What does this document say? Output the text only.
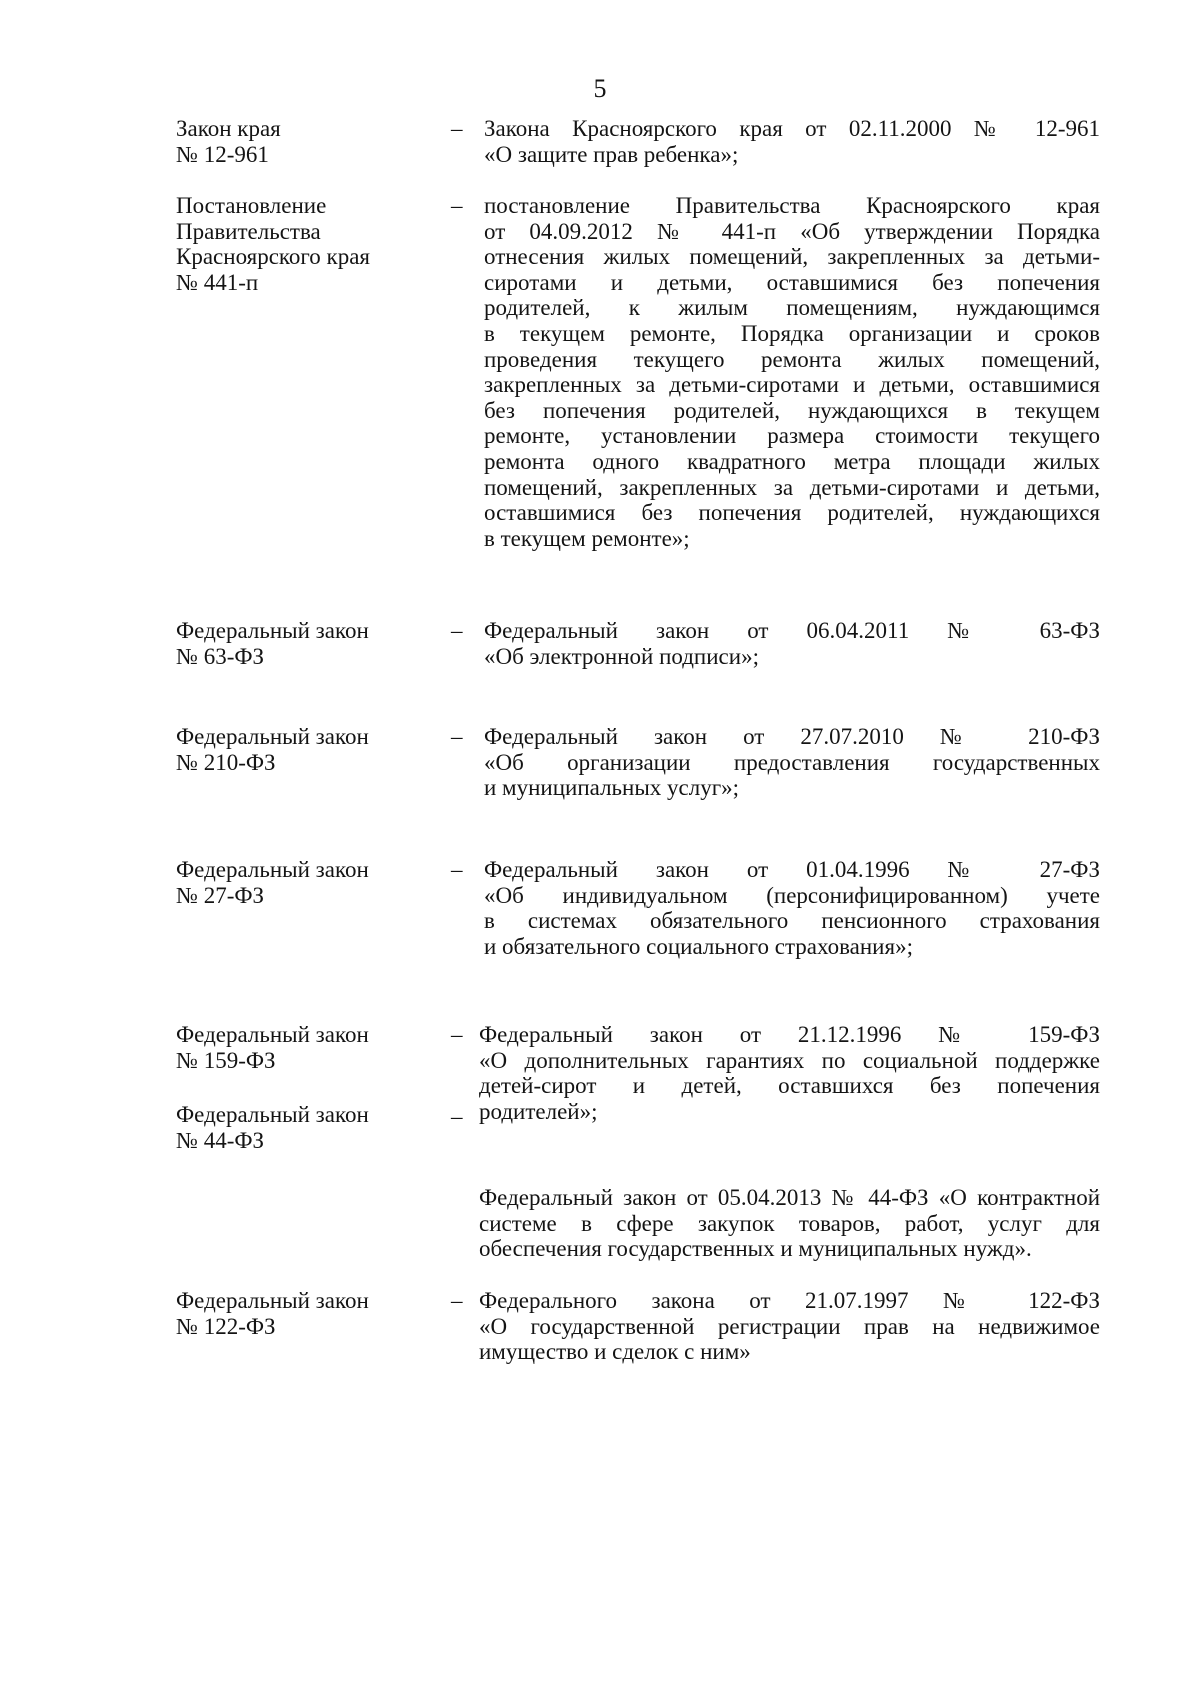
5
Закон края
№ 12-961
– Закона Красноярского края от 02.11.2000 № 12-961
«О защите прав ребенка»;
Постановление
Правительства
Красноярского края
№ 441-п
– постановление Правительства Красноярского края
от 04.09.2012 № 441-п «Об утверждении Порядка
отнесения жилых помещений, закрепленных за детьми-
сиротами и детьми, оставшимися без попечения
родителей, к жилым помещениям, нуждающимся
в текущем ремонте, Порядка организации и сроков
проведения текущего ремонта жилых помещений,
закрепленных за детьми-сиротами и детьми, оставшимися
без попечения родителей, нуждающихся в текущем
ремонте, установлении размера стоимости текущего
ремонта одного квадратного метра площади жилых
помещений, закрепленных за детьми-сиротами и детьми,
оставшимися без попечения родителей, нуждающихся
в текущем ремонте»;
Федеральный закон
№ 63-ФЗ
– Федеральный закон от 06.04.2011 № 63-ФЗ
«Об электронной подписи»;
Федеральный закон
№ 210-ФЗ
– Федеральный закон от 27.07.2010 № 210-ФЗ
«Об организации предоставления государственных
и муниципальных услуг»;
Федеральный закон
№ 27-ФЗ
– Федеральный закон от 01.04.1996 № 27-ФЗ
«Об индивидуальном (персонифицированном) учете
в системах обязательного пенсионного страхования
и обязательного социального страхования»;
Федеральный закон
№ 159-ФЗ
– Федеральный закон от 21.12.1996 № 159-ФЗ
«О дополнительных гарантиях по социальной поддержке
детей-сирот и детей, оставшихся без попечения
родителей»;
Федеральный закон
№ 44-ФЗ
–
Федеральный закон от 05.04.2013 № 44-ФЗ «О контрактной
системе в сфере закупок товаров, работ, услуг для
обеспечения государственных и муниципальных нужд».
Федеральный закон
№ 122-ФЗ
– Федерального закона от 21.07.1997 № 122-ФЗ
«О государственной регистрации прав на недвижимое
имущество и сделок с ним»
